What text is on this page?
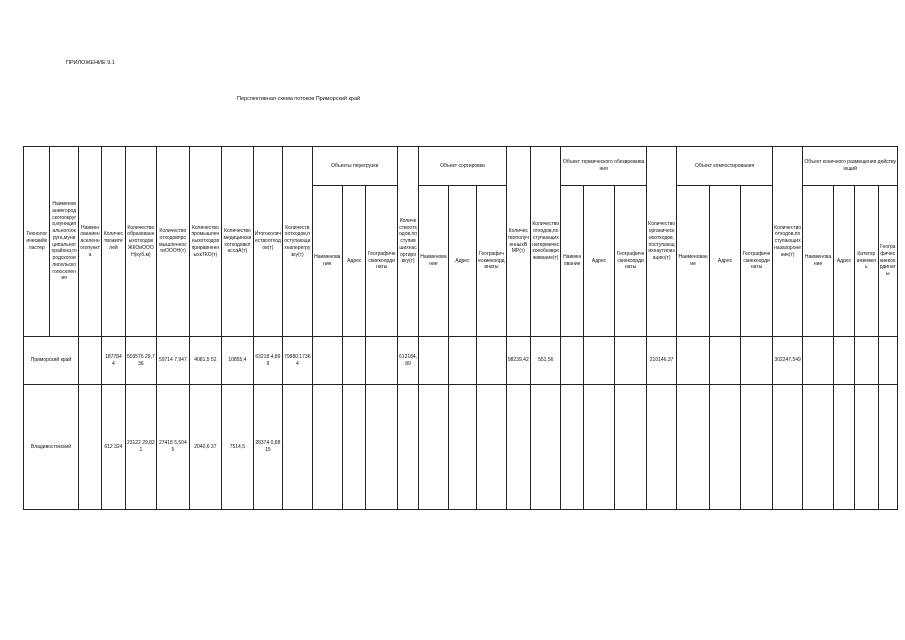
ПРИЛОЖЕНИЕ 9.1
Перспективная схема потоков Приморский край
Технологическийкластер	Наименованиегородскогоокруга,муниципальногоокруга,муниципальногорайона,городскогоилисельскогопоселения	Наименованиенаселенногопункта	Количествожителей	КоличествообразованныхотходовЖКОиОООН(куб.м)	КоличествоотходовпромышленностиОООН(т)	КоличествопромышленныхотходовприравненныхкТКО(т)	КоличествомедицинскихотходовклассаА(т)	Итогоколичествоотходов(т)	Количествоотходов,поступающихнаперегрузку(т)	Объекты перегрузки			Количествоотходов,поступившихнасортировку(т)	Объект сортировки			КоличествополученныхВМР(т)	Количествоотходов,поступающихнатермическоеобезвреживание(т)	Объект термического обезвреживания			Количествоорганическихотходов,поступающихнаутилизацию(т)	Объект компостирования			Количествоотходов,поступающихназахоронение(т)	Объект конечного размещения действующий			
										Наименование	Адрес	Географическиекоординаты		Наименование	Адрес	Географическиекоординаты			Наименование	Адрес	Географическиекоординаты		Наименование	Адрес	Географическиекоординаты		Наименование	Адрес	Категорияземель	Географическиекоординаты
Приморский край			187784 4	503576 29,736	59714 7,947	4081,5 52	10855,4	63218 4,899	79880,17364				612184,89				98239,42	551,56				210146,37				302247,549				
Владивостокский			612 324	23122 29,821	27418 5,5045	2040,6 37	7514,5	28374 0,8815																						
